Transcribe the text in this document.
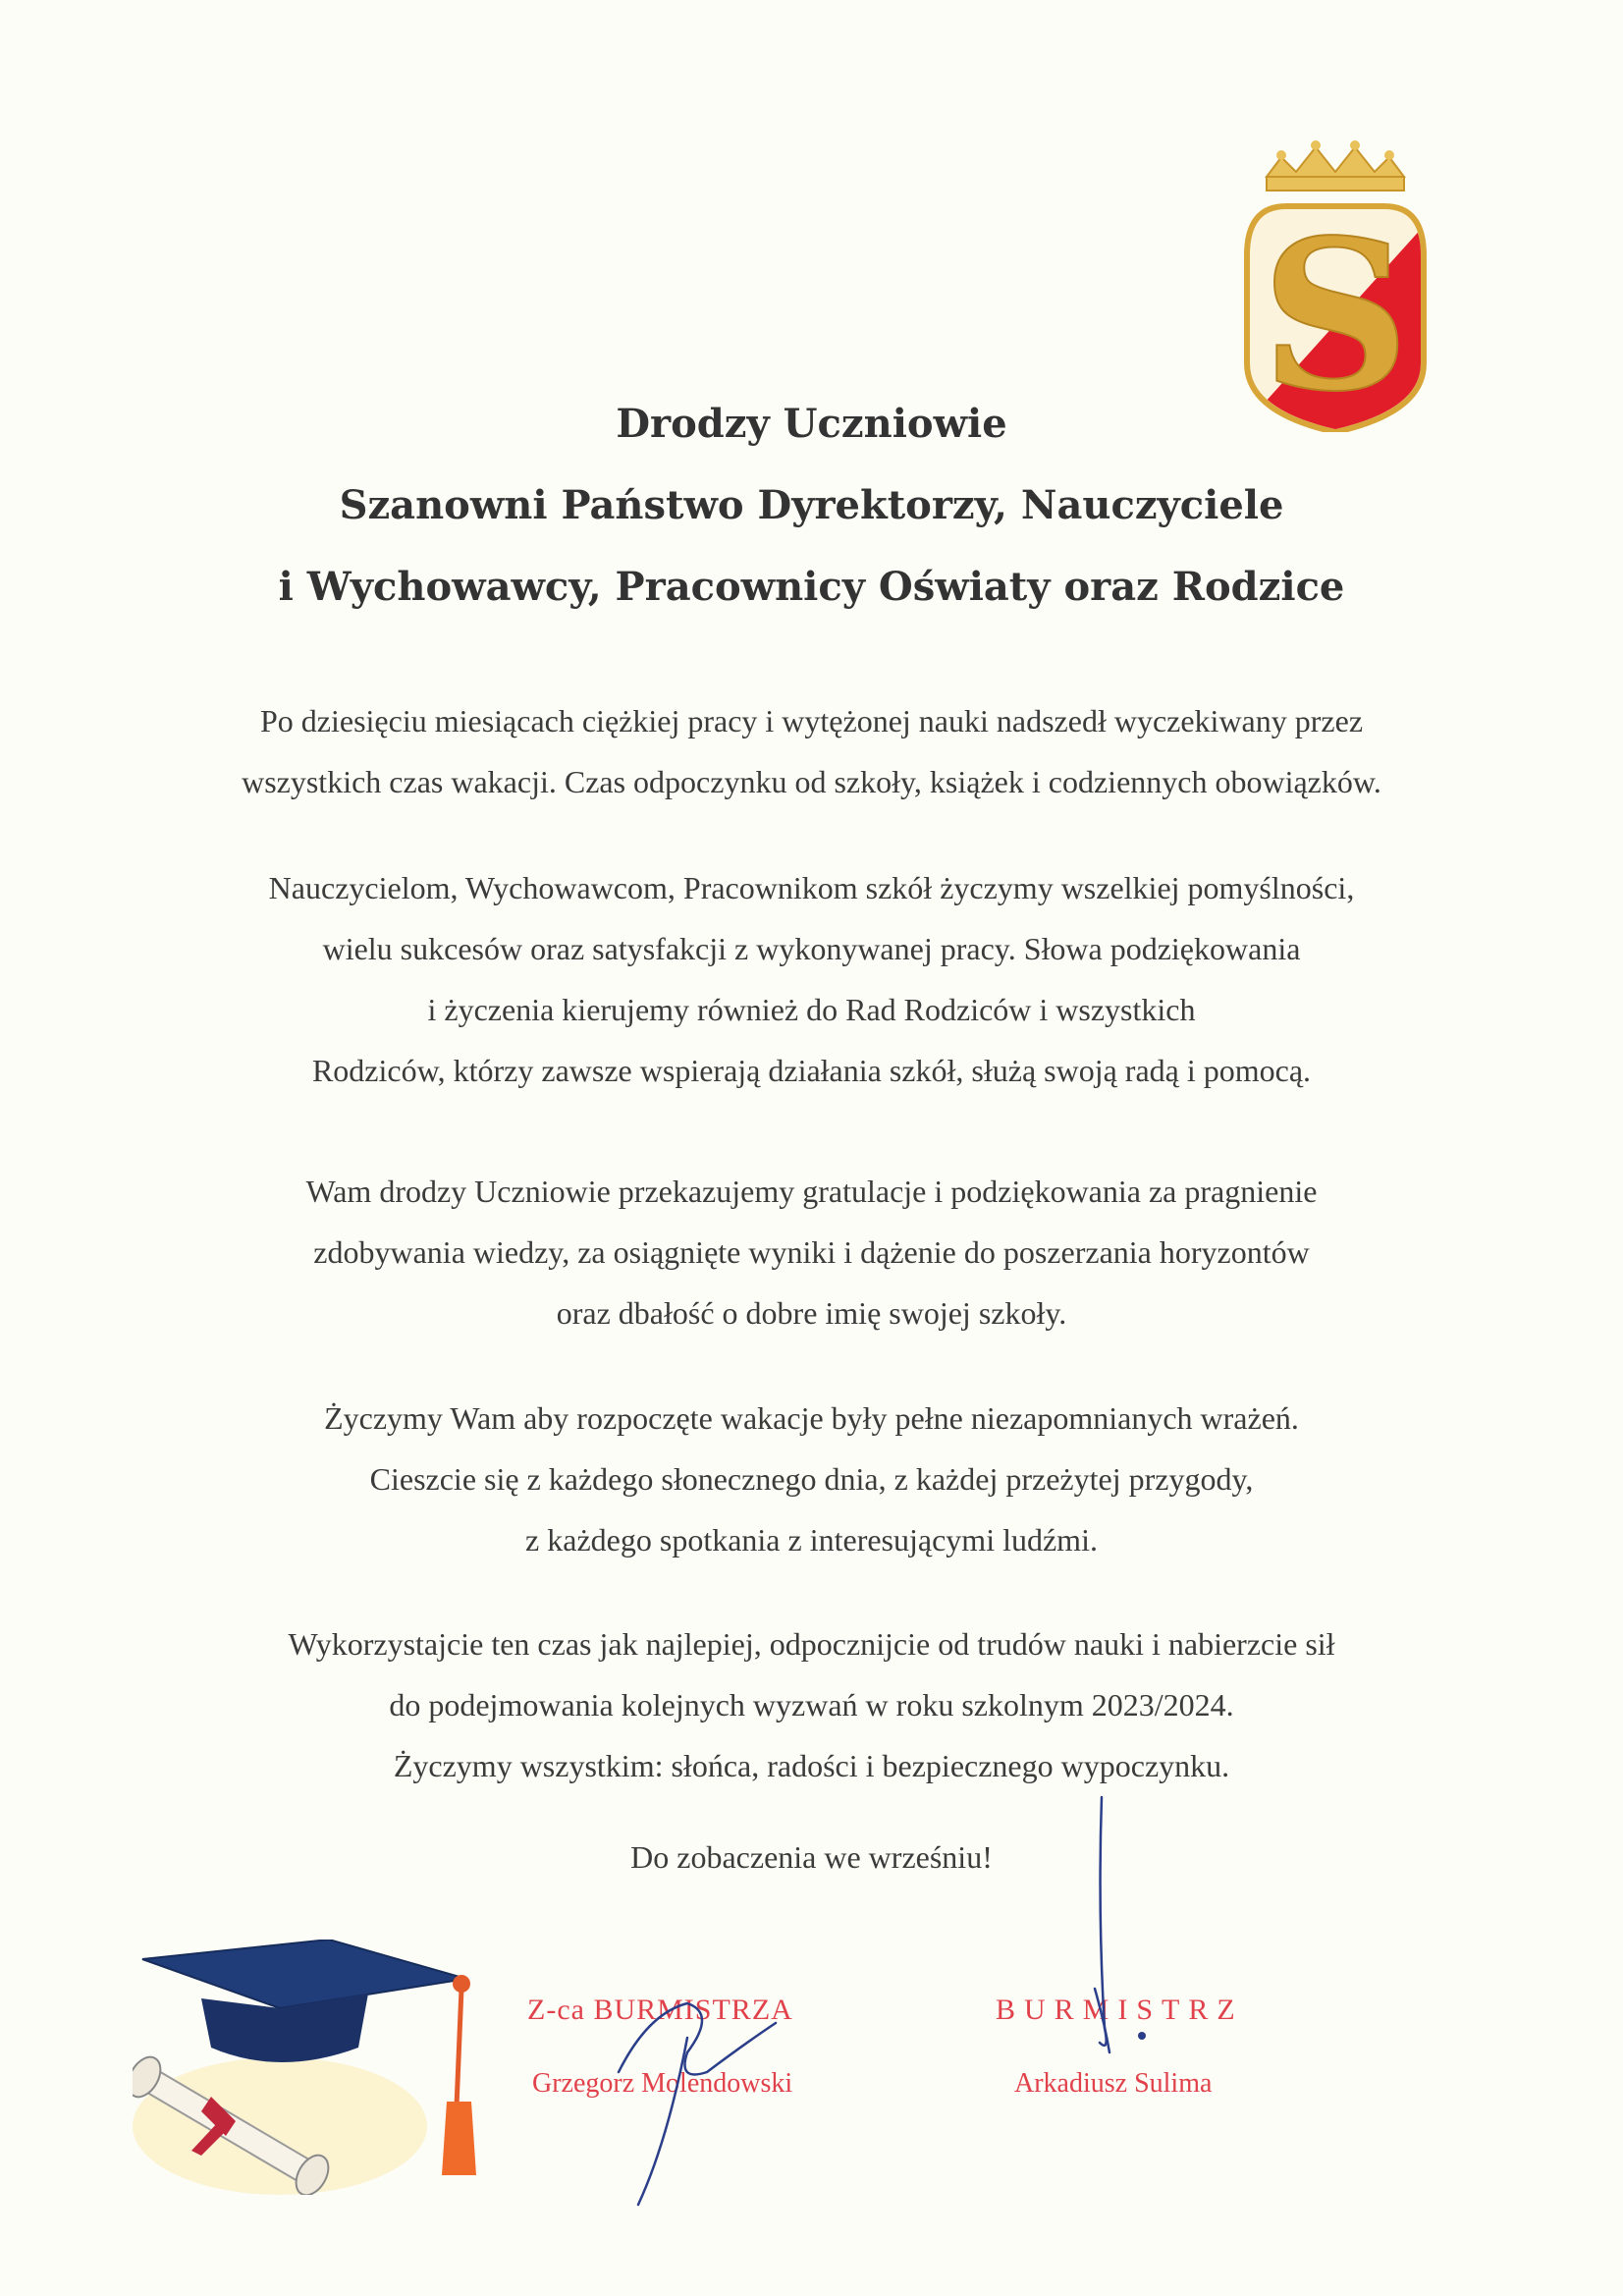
S
Drodzy Uczniowie
Szanowni Państwo Dyrektorzy, Nauczyciele
i Wychowawcy, Pracownicy Oświaty oraz Rodzice
Po dziesięciu miesiącach ciężkiej pracy i wytężonej nauki nadszedł wyczekiwany przez
wszystkich czas wakacji. Czas odpoczynku od szkoły, książek i codziennych obowiązków.
Nauczycielom, Wychowawcom, Pracownikom szkół życzymy wszelkiej pomyślności,
wielu sukcesów oraz satysfakcji z wykonywanej pracy. Słowa podziękowania
i życzenia kierujemy również do Rad Rodziców i wszystkich
Rodziców, którzy zawsze wspierają działania szkół, służą swoją radą i pomocą.
Wam drodzy Uczniowie przekazujemy gratulacje i podziękowania za pragnienie
zdobywania wiedzy, za osiągnięte wyniki i dążenie do poszerzania horyzontów
oraz dbałość o dobre imię swojej szkoły.
Życzymy Wam aby rozpoczęte wakacje były pełne niezapomnianych wrażeń.
Cieszcie się z każdego słonecznego dnia, z każdej przeżytej przygody,
z każdego spotkania z interesującymi ludźmi.
Wykorzystajcie ten czas jak najlepiej, odpocznijcie od trudów nauki i nabierzcie sił
do podejmowania kolejnych wyzwań w roku szkolnym 2023/2024.
Życzymy wszystkim: słońca, radości i bezpiecznego wypoczynku.
Do zobaczenia we wrześniu!
Z-ca BURMISTRZA
Grzegorz Molendowski
BURMISTRZ
Arkadiusz Sulima
